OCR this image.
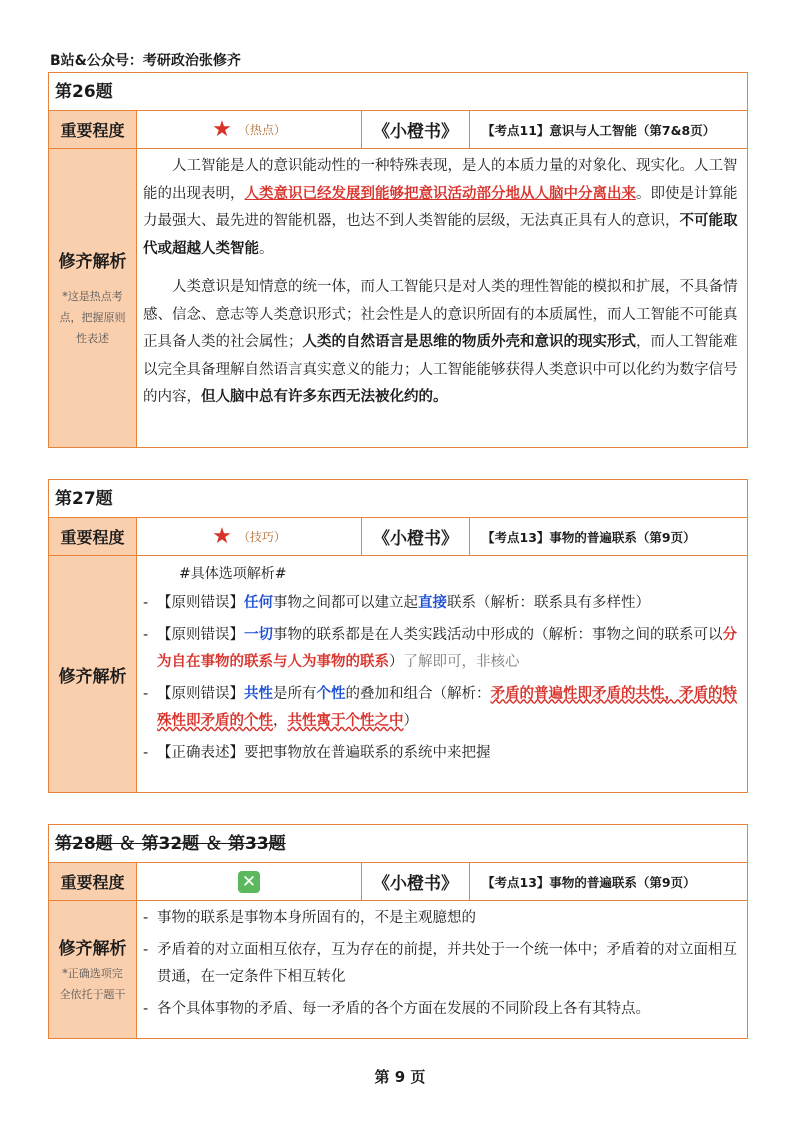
B站&公众号：考研政治张修齐
第26题
重要程度	★ （热点）	《小橙书》	【考点11】意识与人工智能（第7&8页）
修齐解析
*这是热点考点，把握原则性表述

人工智能是人的意识能动性的一种特殊表现，是人的本质力量的对象化、现实化。人工智能的出现表明，人类意识已经发展到能够把意识活动部分地从人脑中分离出来。即使是计算能力最强大、最先进的智能机器，也达不到人类智能的层级，无法真正具有人的意识，不可能取代或超越人类智能。

人类意识是知情意的统一体，而人工智能只是对人类的理性智能的模拟和扩展，不具备情感、信念、意志等人类意识形式；社会性是人的意识所固有的本质属性，而人工智能不可能真正具备人类的社会属性；人类的自然语言是思维的物质外壳和意识的现实形式，而人工智能难以完全具备理解自然语言真实意义的能力；人工智能能够获得人类意识中可以化约为数字信号的内容，但人脑中总有许多东西无法被化约的。

第27题
重要程度	★ （技巧）	《小橙书》	【考点13】事物的普遍联系（第9页）
修齐解析
#具体选项解析#
- 【原则错误】任何事物之间都可以建立起直接联系（解析：联系具有多样性）
- 【原则错误】一切事物的联系都是在人类实践活动中形成的（解析：事物之间的联系可以分为自在事物的联系与人为事物的联系）了解即可，非核心
- 【原则错误】共性是所有个性的叠加和组合（解析：矛盾的普遍性即矛盾的共性，矛盾的特殊性即矛盾的个性，共性寓于个性之中）
- 【正确表述】要把事物放在普遍联系的系统中来把握
第28题 ＆ 第32题 ＆ 第33题
重要程度	✕	《小橙书》	【考点13】事物的普遍联系（第9页）
修齐解析
*正确选项完全依托于题干
- 事物的联系是事物本身所固有的，不是主观臆想的
- 矛盾着的对立面相互依存，互为存在的前提，并共处于一个统一体中；矛盾着的对立面相互贯通，在一定条件下相互转化
- 各个具体事物的矛盾、每一矛盾的各个方面在发展的不同阶段上各有其特点。
第 9 页
